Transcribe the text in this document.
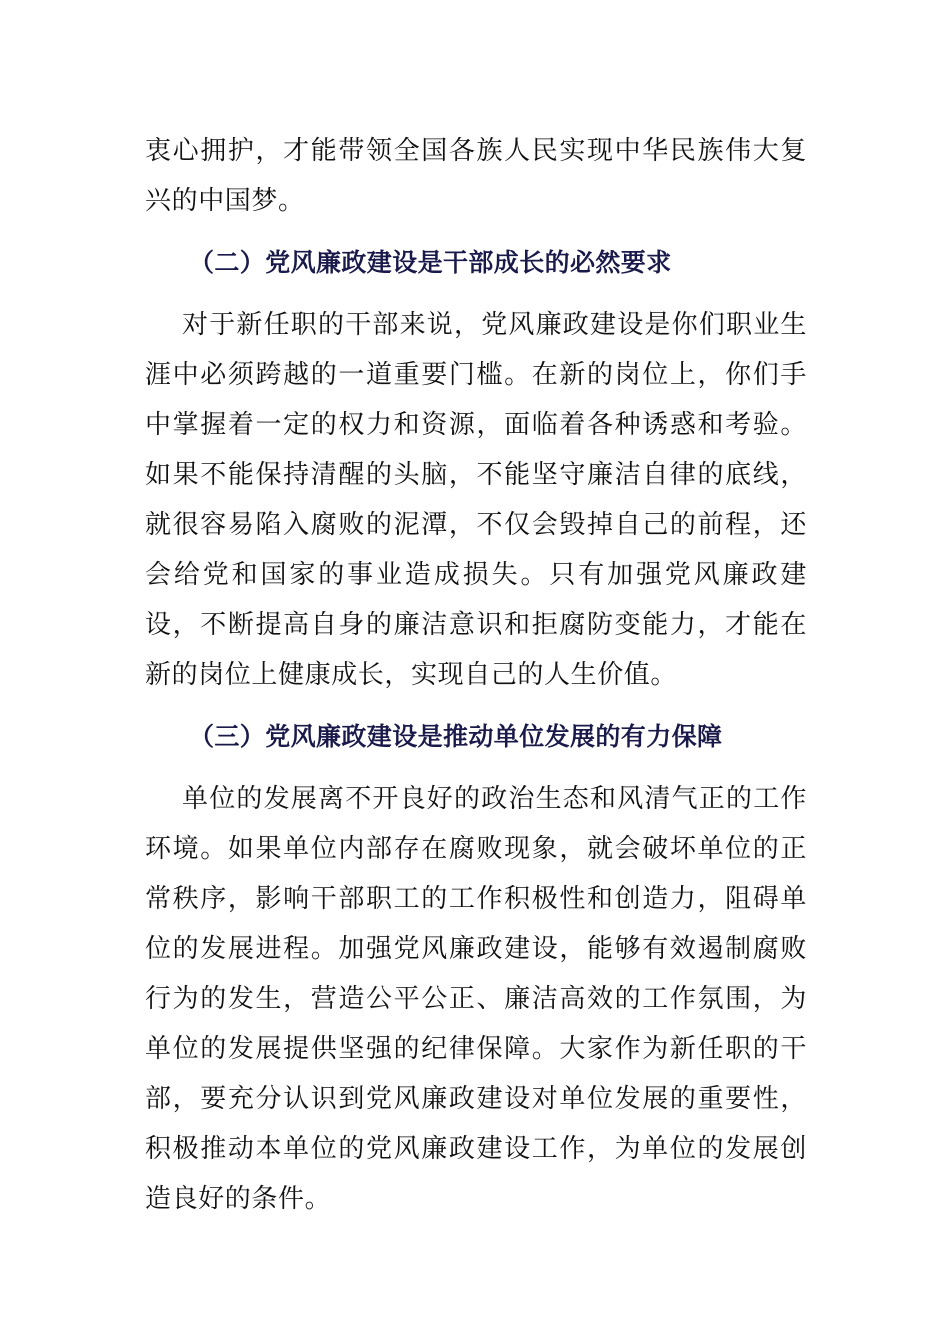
衷心拥护，才能带领全国各族人民实现中华民族伟大复兴的中国梦。

（二）党风廉政建设是干部成长的必然要求

对于新任职的干部来说，党风廉政建设是你们职业生涯中必须跨越的一道重要门槛。在新的岗位上，你们手中掌握着一定的权力和资源，面临着各种诱惑和考验。如果不能保持清醒的头脑，不能坚守廉洁自律的底线，就很容易陷入腐败的泥潭，不仅会毁掉自己的前程，还会给党和国家的事业造成损失。只有加强党风廉政建设，不断提高自身的廉洁意识和拒腐防变能力，才能在新的岗位上健康成长，实现自己的人生价值。

（三）党风廉政建设是推动单位发展的有力保障

单位的发展离不开良好的政治生态和风清气正的工作环境。如果单位内部存在腐败现象，就会破坏单位的正常秩序，影响干部职工的工作积极性和创造力，阻碍单位的发展进程。加强党风廉政建设，能够有效遏制腐败行为的发生，营造公平公正、廉洁高效的工作氛围，为单位的发展提供坚强的纪律保障。大家作为新任职的干部，要充分认识到党风廉政建设对单位发展的重要性，积极推动本单位的党风廉政建设工作，为单位的发展创造良好的条件。
